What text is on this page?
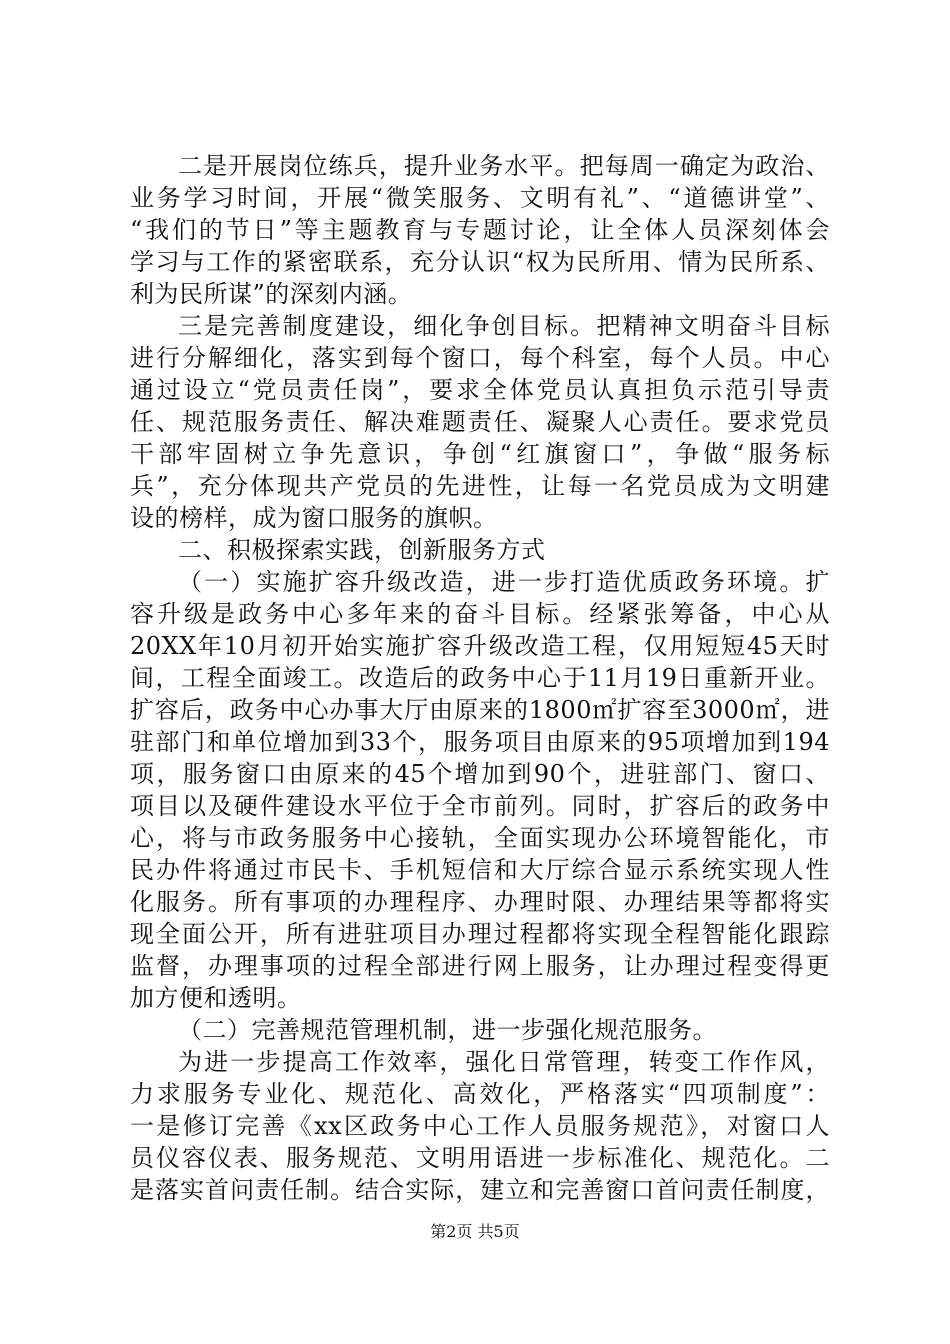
二是开展岗位练兵，提升业务水平。把每周一确定为政治、
业务学习时间，开展“微笑服务、文明有礼”、“道德讲堂”、
“我们的节日”等主题教育与专题讨论，让全体人员深刻体会
学习与工作的紧密联系，充分认识“权为民所用、情为民所系、
利为民所谋”的深刻内涵。
三是完善制度建设，细化争创目标。把精神文明奋斗目标
进行分解细化，落实到每个窗口，每个科室，每个人员。中心
通过设立“党员责任岗”，要求全体党员认真担负示范引导责
任、规范服务责任、解决难题责任、凝聚人心责任。要求党员
干部牢固树立争先意识，争创“红旗窗口”，争做“服务标
兵”，充分体现共产党员的先进性，让每一名党员成为文明建
设的榜样，成为窗口服务的旗帜。
二、积极探索实践，创新服务方式
（一）实施扩容升级改造，进一步打造优质政务环境。扩
容升级是政务中心多年来的奋斗目标。经紧张筹备，中心从
20XX年10月初开始实施扩容升级改造工程，仅用短短45天时
间，工程全面竣工。改造后的政务中心于11月19日重新开业。
扩容后，政务中心办事大厅由原来的1800㎡扩容至3000㎡，进
驻部门和单位增加到33个，服务项目由原来的95项增加到194
项，服务窗口由原来的45个增加到90个，进驻部门、窗口、
项目以及硬件建设水平位于全市前列。同时，扩容后的政务中
心，将与市政务服务中心接轨，全面实现办公环境智能化，市
民办件将通过市民卡、手机短信和大厅综合显示系统实现人性
化服务。所有事项的办理程序、办理时限、办理结果等都将实
现全面公开，所有进驻项目办理过程都将实现全程智能化跟踪
监督，办理事项的过程全部进行网上服务，让办理过程变得更
加方便和透明。
（二）完善规范管理机制，进一步强化规范服务。
为进一步提高工作效率，强化日常管理，转变工作作风，
力求服务专业化、规范化、高效化，严格落实“四项制度”：
一是修订完善《xx区政务中心工作人员服务规范》，对窗口人
员仪容仪表、服务规范、文明用语进一步标准化、规范化。二
是落实首问责任制。结合实际，建立和完善窗口首问责任制度，
第2页 共5页
